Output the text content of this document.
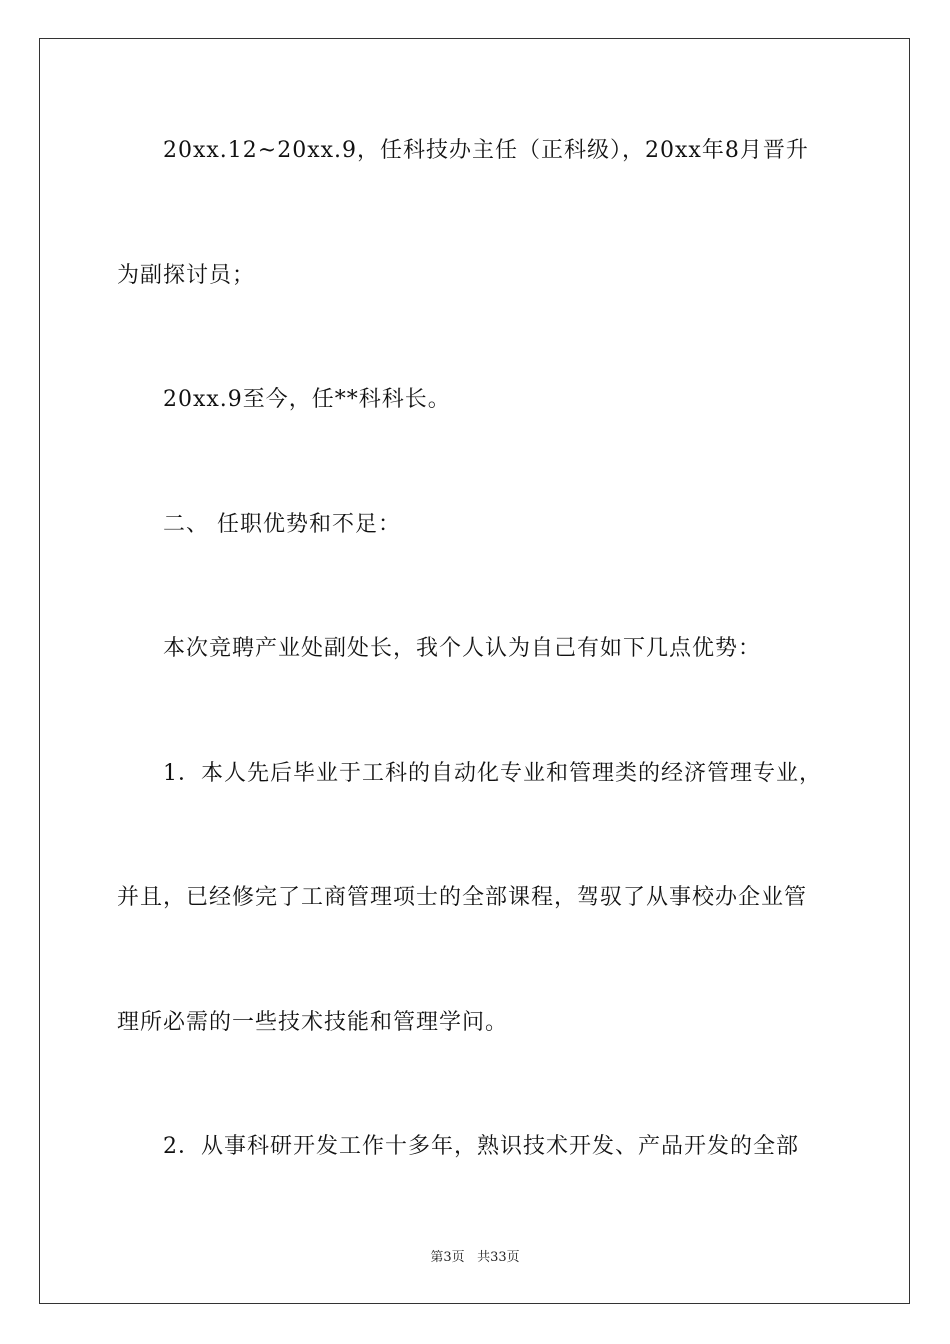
20xx.12~20xx.9，任科技办主任（正科级），20xx年8月晋升
为副探讨员；
20xx.9至今，任**科科长。
二、 任职优势和不足：
本次竞聘产业处副处长，我个人认为自己有如下几点优势：
1．本人先后毕业于工科的自动化专业和管理类的经济管理专业，
并且，已经修完了工商管理项士的全部课程，驾驭了从事校办企业管
理所必需的一些技术技能和管理学问。
2．从事科研开发工作十多年，熟识技术开发、产品开发的全部
第3页 共33页
